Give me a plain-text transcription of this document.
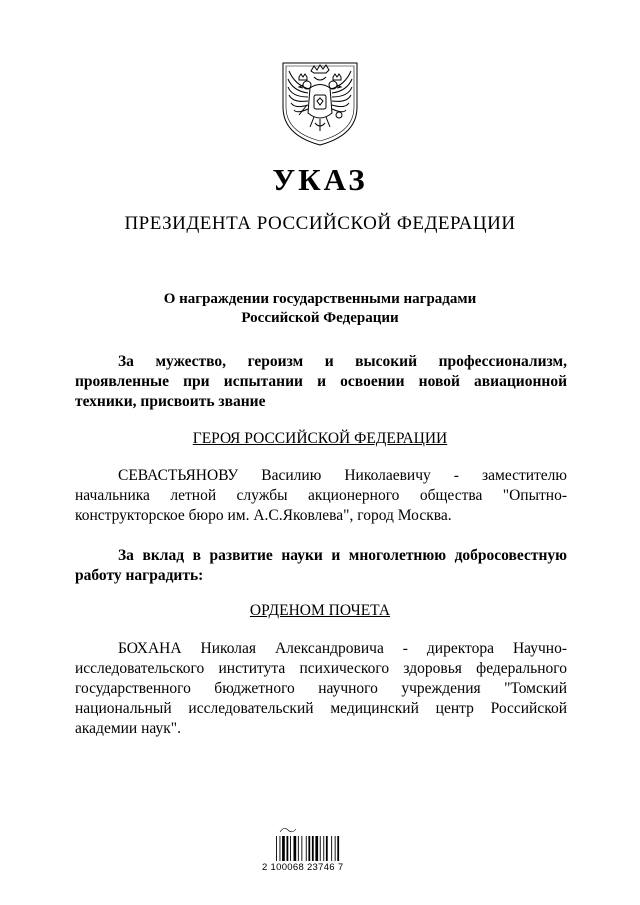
УКАЗ
ПРЕЗИДЕНТА РОССИЙСКОЙ ФЕДЕРАЦИИ
О награждении государственными наградами
Российской Федерации
За мужество, героизм и высокий профессионализм, проявленные при испытании и освоении новой авиационной техники, присвоить звание
ГЕРОЯ РОССИЙСКОЙ ФЕДЕРАЦИИ
СЕВАСТЬЯНОВУ Василию Николаевичу - заместителю начальника летной службы акционерного общества "Опытно-конструкторское бюро им. А.С.Яковлева", город Москва.
За вклад в развитие науки и многолетнюю добросовестную работу наградить:
ОРДЕНОМ ПОЧЕТА
БОХАНА Николая Александровича - директора Научно-исследовательского института психического здоровья федерального государственного бюджетного научного учреждения "Томский национальный исследовательский медицинский центр Российской академии наук".
2 100068 23746 7
